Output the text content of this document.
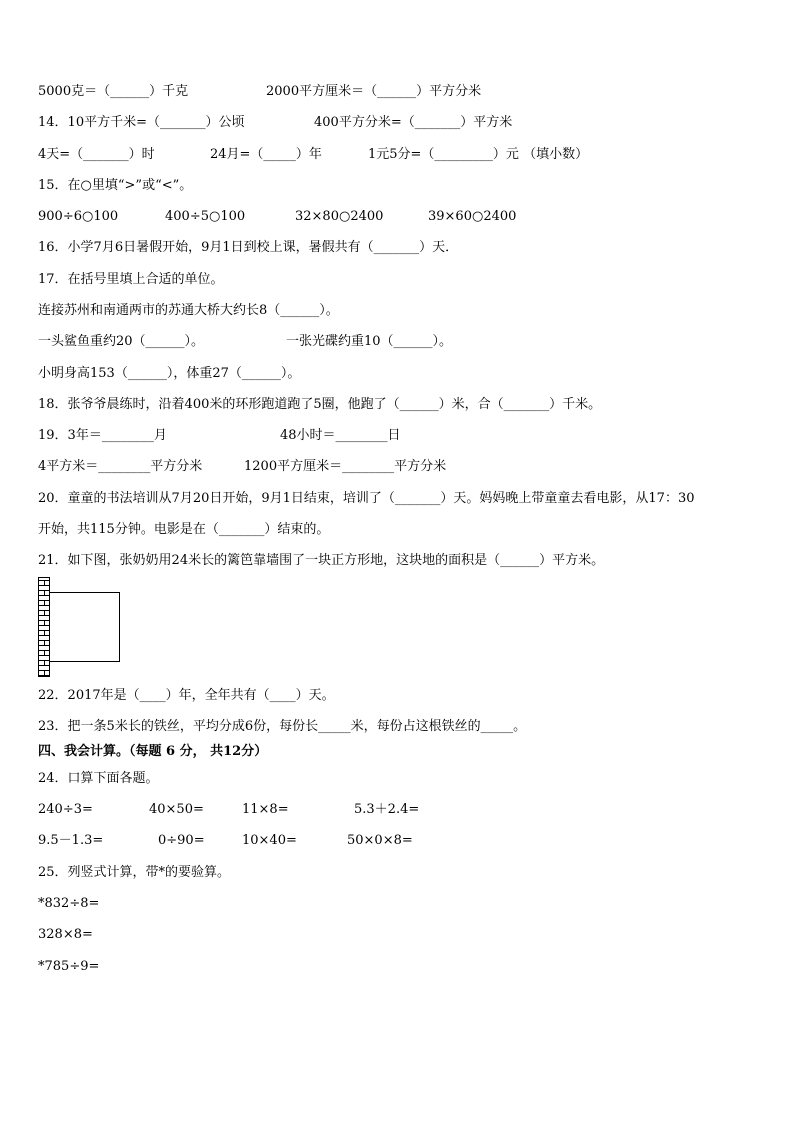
5000克＝（______）千克	2000平方厘米＝（______）平方分米
14．10平方千米=（_______）公顷	400平方分米=（_______）平方米
4天=（_______）时	24月=（_____）年	1元5分=（_________）元 （填小数）
15．在○里填“>”或“<”。
900÷6○100	400÷5○100	32×80○2400	39×60○2400
16．小学7月6日暑假开始，9月1日到校上课，暑假共有（_______）天．
17．在括号里填上合适的单位。
连接苏州和南通两市的苏通大桥大约长8（______）。
一头鲨鱼重约20（______）。	一张光碟约重10（______）。
小明身高153（______），体重27（______）。
18．张爷爷晨练时，沿着400米的环形跑道跑了5圈，他跑了（______）米，合（_______）千米。
19．3年＝________月	48小时＝________日
4平方米＝________平方分米	1200平方厘米＝________平方分米
20．童童的书法培训从7月20日开始，9月1日结束，培训了（_______）天。妈妈晚上带童童去看电影，从17：30
开始，共115分钟。电影是在（_______）结束的。
21．如下图，张奶奶用24米长的篱笆靠墙围了一块正方形地，这块地的面积是（______）平方米。
22．2017年是（____）年，全年共有（____）天。
23．把一条5米长的铁丝，平均分成6份，每份长_____米，每份占这根铁丝的_____。
四、我会计算。（每题 6 分， 共12分）
24．口算下面各题。
240÷3=	40×50=	11×8=	5.3＋2.4=
9.5－1.3=	0÷90=	10×40=	50×0×8=
25．列竖式计算，带*的要验算。
*832÷8=
328×8=
*785÷9=
